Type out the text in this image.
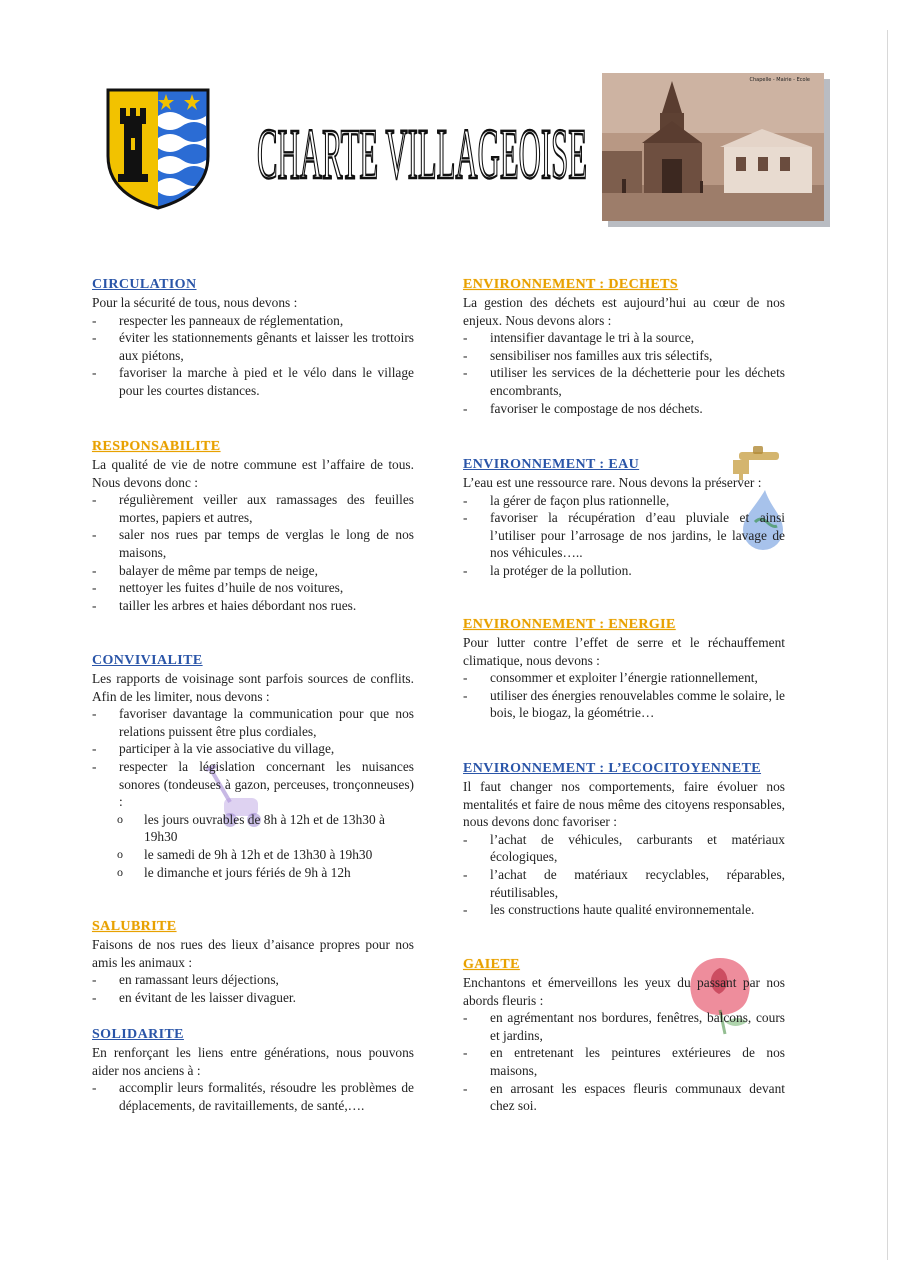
CHARTE VILLAGEOISE
Chapelle - Mairie - Ecole
CIRCULATION

Pour la sécurité de tous, nous devons :

- respecter les panneaux de réglementation,
- éviter les stationnements gênants et laisser les trottoirs aux piétons,
- favoriser la marche à pied et le vélo dans le village pour les courtes distances.
RESPONSABILITE

La qualité de vie de notre commune est l’affaire de tous. Nous devons donc :

- régulièrement veiller aux ramassages des feuilles mortes, papiers et autres,
- saler nos rues par temps de verglas le long de nos maisons,
- balayer de même par temps de neige,
- nettoyer les fuites d’huile de nos voitures,
- tailler les arbres et haies débordant nos rues.
CONVIVIALITE

Les rapports de voisinage sont parfois sources de conflits. Afin de les limiter, nous devons :

- favoriser davantage la communication pour que nos relations puissent être plus cordiales,
- participer à la vie associative du village,
- respecter la législation concernant les nuisances sonores (tondeuses à gazon, perceuses, tronçonneuses) :
o les jours ouvrables de 8h à 12h et de 13h30 à 19h30
o le samedi de 9h à 12h et de 13h30 à 19h30
o le dimanche et jours fériés de 9h à 12h
SALUBRITE

Faisons de nos rues des lieux d’aisance propres pour nos amis les animaux :

- en ramassant leurs déjections,
- en évitant de les laisser divaguer.
SOLIDARITE

En renforçant les liens entre générations, nous pouvons aider nos anciens à :

- accomplir leurs formalités, résoudre les problèmes de déplacements, de ravitaillements, de santé,….
ENVIRONNEMENT : DECHETS

La gestion des déchets est aujourd’hui au cœur de nos enjeux. Nous devons alors :

- intensifier davantage le tri à la source,
- sensibiliser nos familles aux tris sélectifs,
- utiliser les services de la déchetterie pour les déchets encombrants,
- favoriser le compostage de nos déchets.
ENVIRONNEMENT : EAU

L’eau est une ressource rare. Nous devons la préserver :

- la gérer de façon plus rationnelle,
- favoriser la récupération d’eau pluviale et ainsi l’utiliser pour l’arrosage de nos jardins, le lavage de nos véhicules…..
- la protéger de la pollution.
ENVIRONNEMENT : ENERGIE

Pour lutter contre l’effet de serre et le réchauffement climatique, nous devons :

- consommer et exploiter l’énergie rationnellement,
- utiliser des énergies renouvelables comme le solaire, le bois, le biogaz, la géométrie…
ENVIRONNEMENT : L’ECOCITOYENNETE

Il faut changer nos comportements, faire évoluer nos mentalités et faire de nous même des citoyens responsables, nous devons donc favoriser :

- l’achat de véhicules, carburants et matériaux écologiques,
- l’achat de matériaux recyclables, réparables, réutilisables,
- les constructions haute qualité environnementale.
GAIETE

Enchantons et émerveillons les yeux du passant par nos abords fleuris :

- en agrémentant nos bordures, fenêtres, balcons, cours et jardins,
- en entretenant les peintures extérieures de nos maisons,
- en arrosant les espaces fleuris communaux devant chez soi.
